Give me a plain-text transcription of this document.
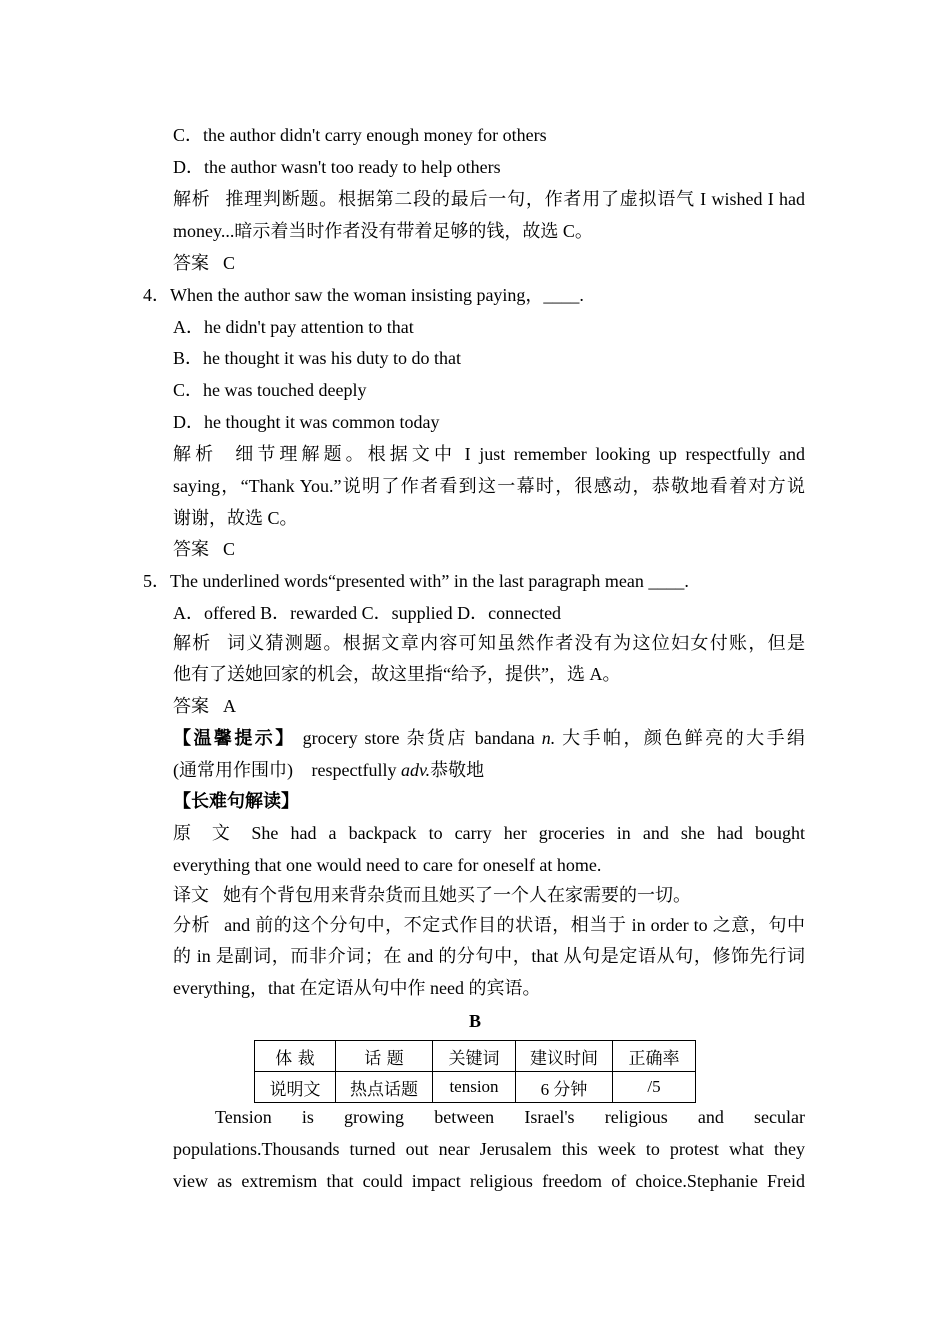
C．the author didn't carry enough money for others
D．the author wasn't too ready to help others
解析 推理判断题。根据第二段的最后一句，作者用了虚拟语气 I wished I had
money...暗示着当时作者没有带着足够的钱，故选 C。
答案 C
4．When the author saw the woman insisting paying，____.
A．he didn't pay attention to that
B．he thought it was his duty to do that
C．he was touched deeply
D．he thought it was common today
解析 细节理解题。根据文中 I just remember looking up respectfully and
saying，“Thank You.”说明了作者看到这一幕时，很感动，恭敬地看着对方说
谢谢，故选 C。
答案 C
5．The underlined words“presented with” in the last paragraph mean ____.
A．offered B．rewarded C．supplied D．connected
解析 词义猜测题。根据文章内容可知虽然作者没有为这位妇女付账，但是
他有了送她回家的机会，故这里指“给予，提供”，选 A。
答案 A
【温馨提示】 grocery store 杂货店 bandana n. 大手帕，颜色鲜亮的大手绢
(通常用作围巾) respectfully adv.恭敬地
【长难句解读】
原 文 She had a backpack to carry her groceries in and she had bought
everything that one would need to care for oneself at home.
译文 她有个背包用来背杂货而且她买了一个人在家需要的一切。
分析 and 前的这个分句中，不定式作目的状语，相当于 in order to 之意，句中
的 in 是副词，而非介词；在 and 的分句中，that 从句是定语从句，修饰先行词
everything，that 在定语从句中作 need 的宾语。
B
体 裁	话 题	关键词	建议时间	正确率
说明文	热点话题	tension	6 分钟	/5
Tension is growing between Israel's religious and secular
populations.Thousands turned out near Jerusalem this week to protest what they
view as extremism that could impact religious freedom of choice.Stephanie Freid
